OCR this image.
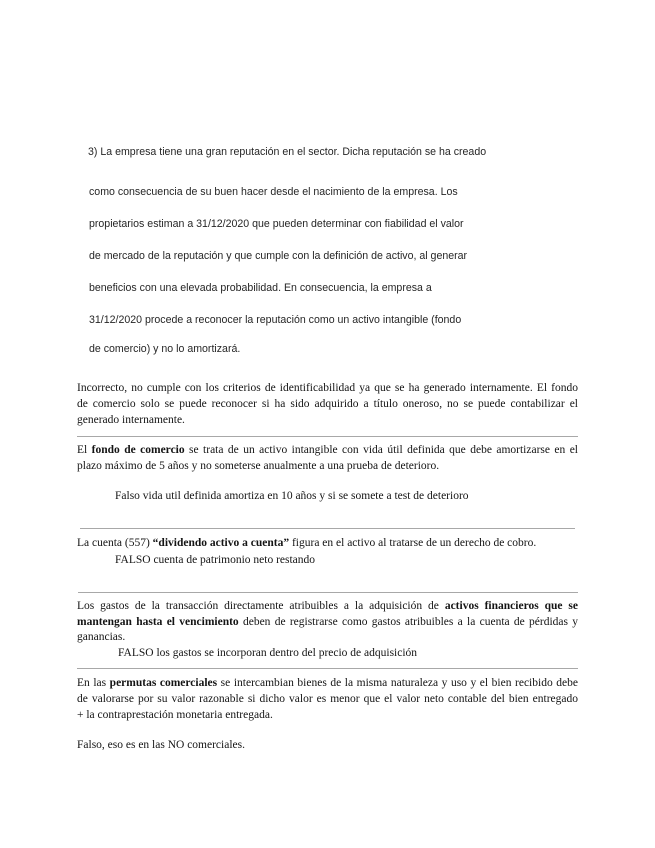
3) La empresa tiene una gran reputación en el sector. Dicha reputación se ha creado
como consecuencia de su buen hacer desde el nacimiento de la empresa. Los
propietarios estiman a 31/12/2020 que pueden determinar con fiabilidad el valor
de mercado de la reputación y que cumple con la definición de activo, al generar
beneficios con una elevada probabilidad. En consecuencia, la empresa a
31/12/2020 procede a reconocer la reputación como un activo intangible (fondo
de comercio) y no lo amortizará.
Incorrecto, no cumple con los criterios de identificabilidad ya que se ha generado internamente. El fondo
de comercio solo se puede reconocer si ha sido adquirido a título oneroso, no se puede contabilizar el
generado internamente.
El fondo de comercio se trata de un activo intangible con vida útil definida que debe amortizarse en el
plazo máximo de 5 años y no someterse anualmente a una prueba de deterioro.
Falso vida util definida amortiza en 10 años y si se somete a test de deterioro
La cuenta (557) “dividendo activo a cuenta” figura en el activo al tratarse de un derecho de cobro.
FALSO cuenta de patrimonio neto restando
Los gastos de la transacción directamente atribuibles a la adquisición de activos financieros que se
mantengan hasta el vencimiento deben de registrarse como gastos atribuibles a la cuenta de pérdidas y
ganancias.
FALSO los gastos se incorporan dentro del precio de adquisición
En las permutas comerciales se intercambian bienes de la misma naturaleza y uso y el bien recibido debe
de valorarse por su valor razonable si dicho valor es menor que el valor neto contable del bien entregado
+ la contraprestación monetaria entregada.
Falso, eso es en las NO comerciales.
